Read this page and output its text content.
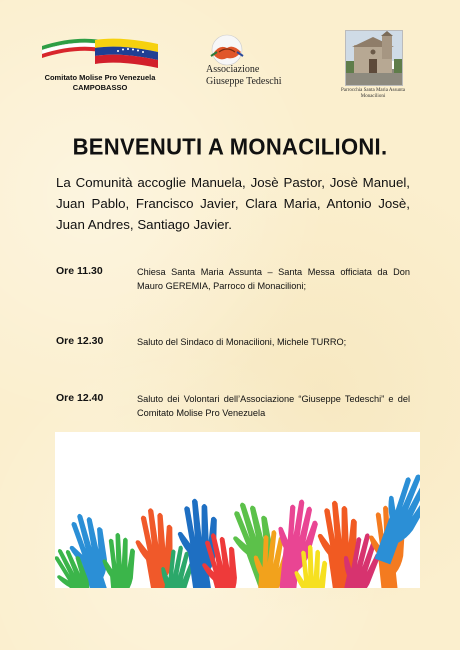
Comitato Molise Pro Venezuela
CAMPOBASSO
Associazione
Giuseppe Tedeschi
Parrocchia Santa Maria Assunta
Monacilioni
BENVENUTI A MONACILIONI.
La Comunità accoglie Manuela, Josè Pastor, Josè Manuel, Juan Pablo, Francisco Javier, Clara Maria, Antonio Josè, Juan Andres, Santiago Javier.
Ore 11.30	Chiesa Santa Maria Assunta – Santa Messa officiata da Don Mauro GEREMIA, Parroco di Monacilioni;
Ore 12.30	Saluto del Sindaco di Monacilioni, Michele TURRO;
Ore 12.40	Saluto dei Volontari dell’Associazione “Giuseppe Tedeschi” e del Comitato Molise Pro Venezuela
